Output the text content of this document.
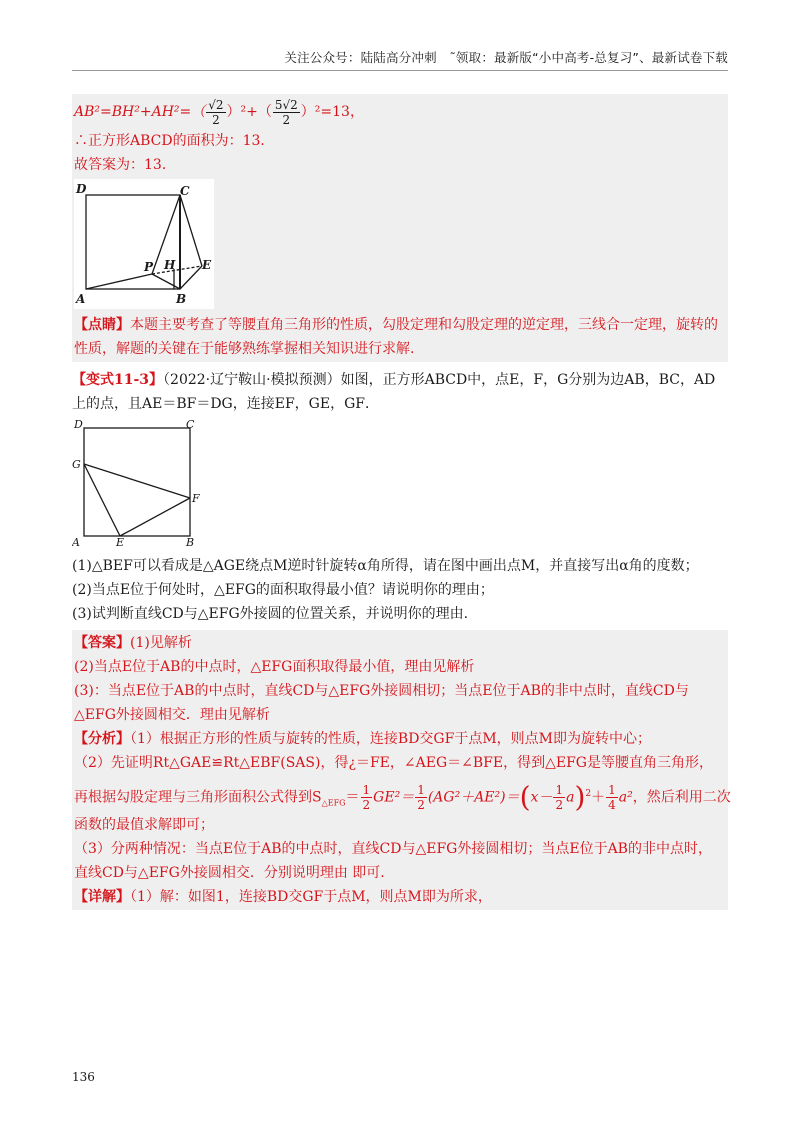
关注公众号：陆陆高分冲刺　˜领取：最新版“小中高考-总复习”、最新试卷下载
$AB^2=BH^2+AH^2=( \frac{√2}{2} )^2+( \frac{5√2}{2} )^2=13$，
∴正方形ABCD的面积为：13．
故答案为：13．
D	C
P H E
A	B
【点睛】本题主要考查了等腰直角三角形的性质，勾股定理和勾股定理的逆定理，三线合一定理，旋转的
性质，解题的关键在于能够熟练掌握相关知识进行求解.
【变式11-3】（2022·辽宁鞍山·模拟预测）如图，正方形ABCD中，点E，F，G分别为边AB，BC，AD
上的点，且AE＝BF＝DG，连接EF，GE，GF．
D	C
G
F
A	E	B
(1)△BEF可以看成是△AGE绕点M逆时针旋转α角所得，请在图中画出点M，并直接写出α角的度数；
(2)当点E位于何处时，△EFG的面积取得最小值？请说明你的理由；
(3)试判断直线CD与△EFG外接圆的位置关系，并说明你的理由.
【答案】(1)见解析
(2)当点E位于AB的中点时，△EFG面积取得最小值，理由见解析
(3)：当点E位于AB的中点时，直线CD与△EFG外接圆相切；当点E位于AB的非中点时，直线CD与
△EFG外接圆相交．理由见解析
【分析】（1）根据正方形的性质与旋转的性质，连接BD交GF于点M，则点M即为旋转中心；
（2）先证明Rt△GAE≌Rt△EBF(SAS)，得¿＝FE，∠AEG＝∠BFE，得到△EFG是等腰直角三角形，
再根据勾股定理与三角形面积公式得到$S_{\triangle EFG}= \frac{1}{2} GE^2= \frac{1}{2} (AG^2+AE^2)=(x- \frac{1}{2} a)^2+ \frac{1}{4} a^2$，然后利用二次
函数的最值求解即可；
（3）分两种情况：当点E位于AB的中点时，直线CD与△EFG外接圆相切；当点E位于AB的非中点时，
直线CD与△EFG外接圆相交．分别说明理由 即可.
【详解】（1）解：如图1，连接BD交GF于点M，则点M即为所求，
136
